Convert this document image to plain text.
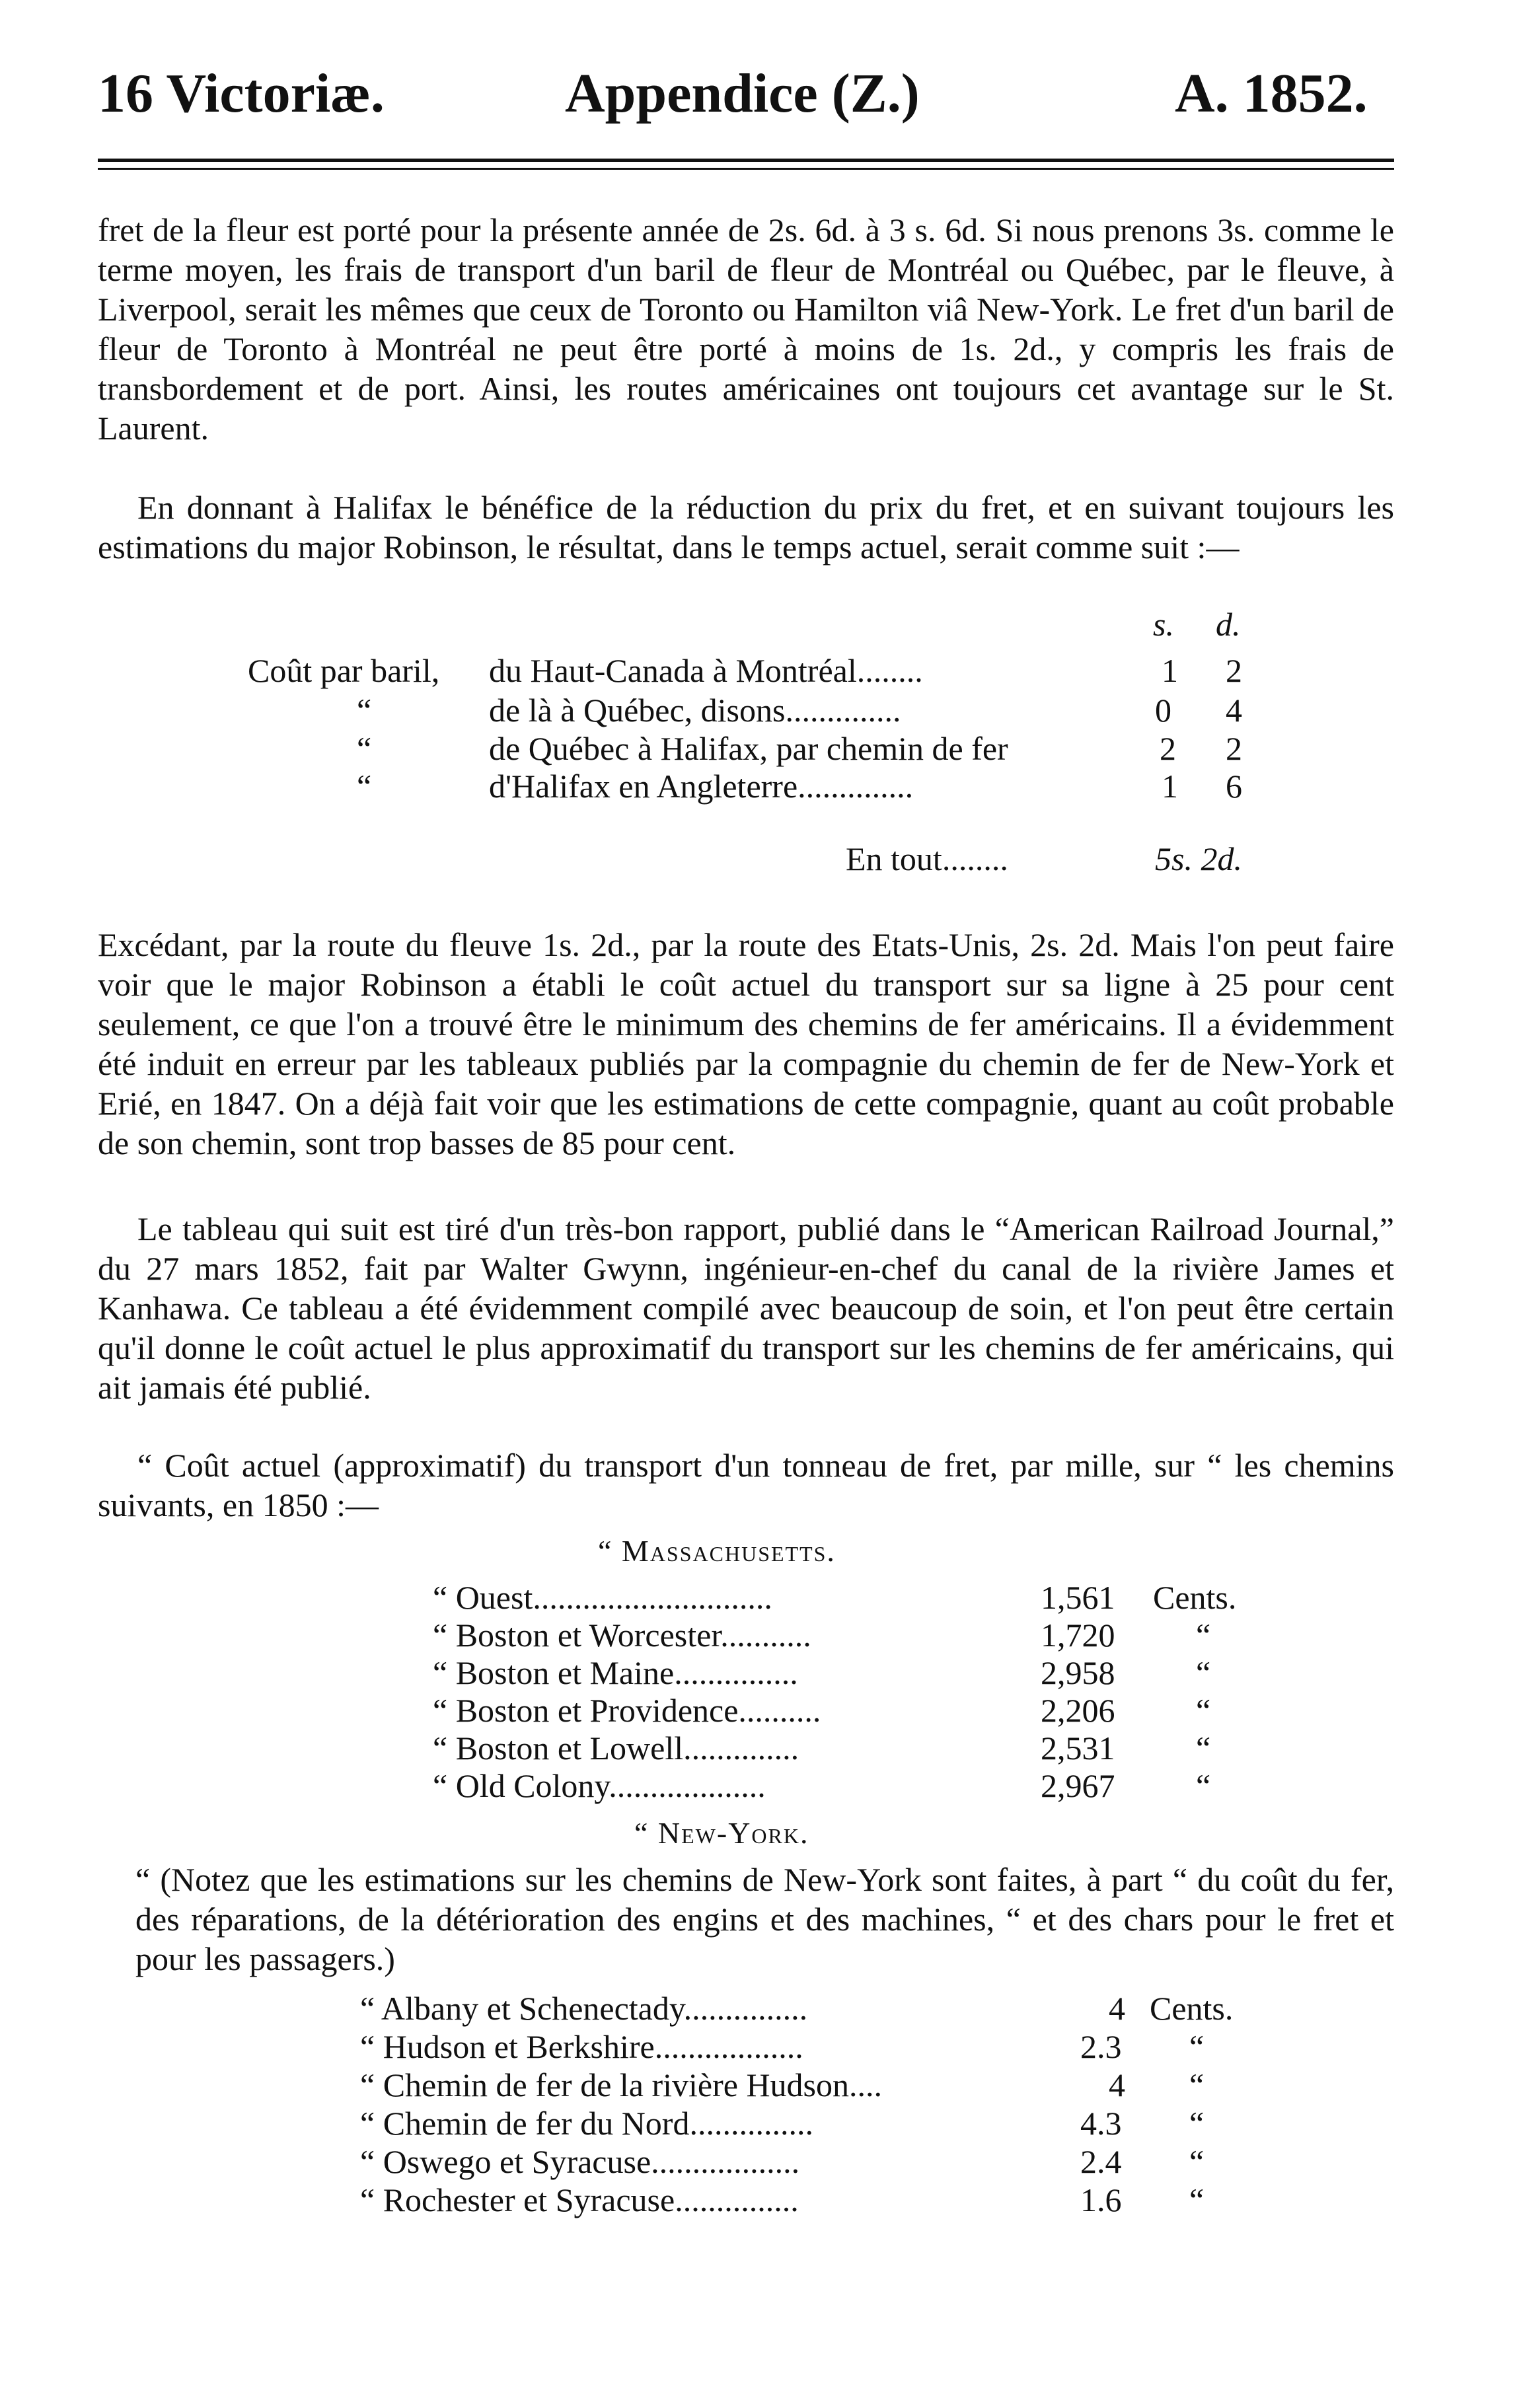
16 Victoriæ.	Appendice (Z.)	A. 1852.

fret de la fleur est porté pour la présente année de 2s. 6d. à 3 s. 6d. Si nous prenons 3s. comme le terme moyen, les frais de transport d'un baril de fleur de Montréal ou Québec, par le fleuve, à Liverpool, serait les mêmes que ceux de Toronto ou Hamilton viâ New-York. Le fret d'un baril de fleur de Toronto à Montréal ne peut être porté à moins de 1s. 2d., y compris les frais de transbordement et de port. Ainsi, les routes américaines ont toujours cet avantage sur le St. Laurent.

En donnant à Halifax le bénéfice de la réduction du prix du fret, et en suivant toujours les estimations du major Robinson, le résultat, dans le temps actuel, serait comme suit :—

s. d.
Coût par baril, du Haut-Canada à Montréal........	1 2
“	de là à Québec, disons..............	0 4
“	de Québec à Halifax, par chemin de fer	2 2
“	d'Halifax en Angleterre..............	1 6
En tout........	5s. 2d.

Excédant, par la route du fleuve 1s. 2d., par la route des Etats-Unis, 2s. 2d. Mais l'on peut faire voir que le major Robinson a établi le coût actuel du transport sur sa ligne à 25 pour cent seulement, ce que l'on a trouvé être le minimum des chemins de fer américains. Il a évidemment été induit en erreur par les tableaux publiés par la compagnie du chemin de fer de New-York et Erié, en 1847. On a déjà fait voir que les estimations de cette compagnie, quant au coût probable de son chemin, sont trop basses de 85 pour cent.

Le tableau qui suit est tiré d'un très-bon rapport, publié dans le “American Railroad Journal,” du 27 mars 1852, fait par Walter Gwynn, ingénieur-en-chef du canal de la rivière James et Kanhawa. Ce tableau a été évidemment compilé avec beaucoup de soin, et l'on peut être certain qu'il donne le coût actuel le plus approximatif du transport sur les chemins de fer américains, qui ait jamais été publié.

“ Coût actuel (approximatif) du transport d'un tonneau de fret, par mille, sur “ les chemins suivants, en 1850 :—

“ Massachusetts.
“ Ouest.............................	1,561 Cents.
“ Boston et Worcester...........	1,720 “
“ Boston et Maine...............	2,958 “
“ Boston et Providence..........	2,206 “
“ Boston et Lowell..............	2,531 “
“ Old Colony...................	2,967 “
“ New-York.

“ (Notez que les estimations sur les chemins de New-York sont faites, à part “ du coût du fer, des réparations, de la détérioration des engins et des machines, “ et des chars pour le fret et pour les passagers.)

“ Albany et Schenectady...............	4 Cents.
“ Hudson et Berkshire..................	2.3 “
“ Chemin de fer de la rivière Hudson....	4 “
“ Chemin de fer du Nord...............	4.3 “
“ Oswego et Syracuse..................	2.4 “
“ Rochester et Syracuse...............	1.6 “
